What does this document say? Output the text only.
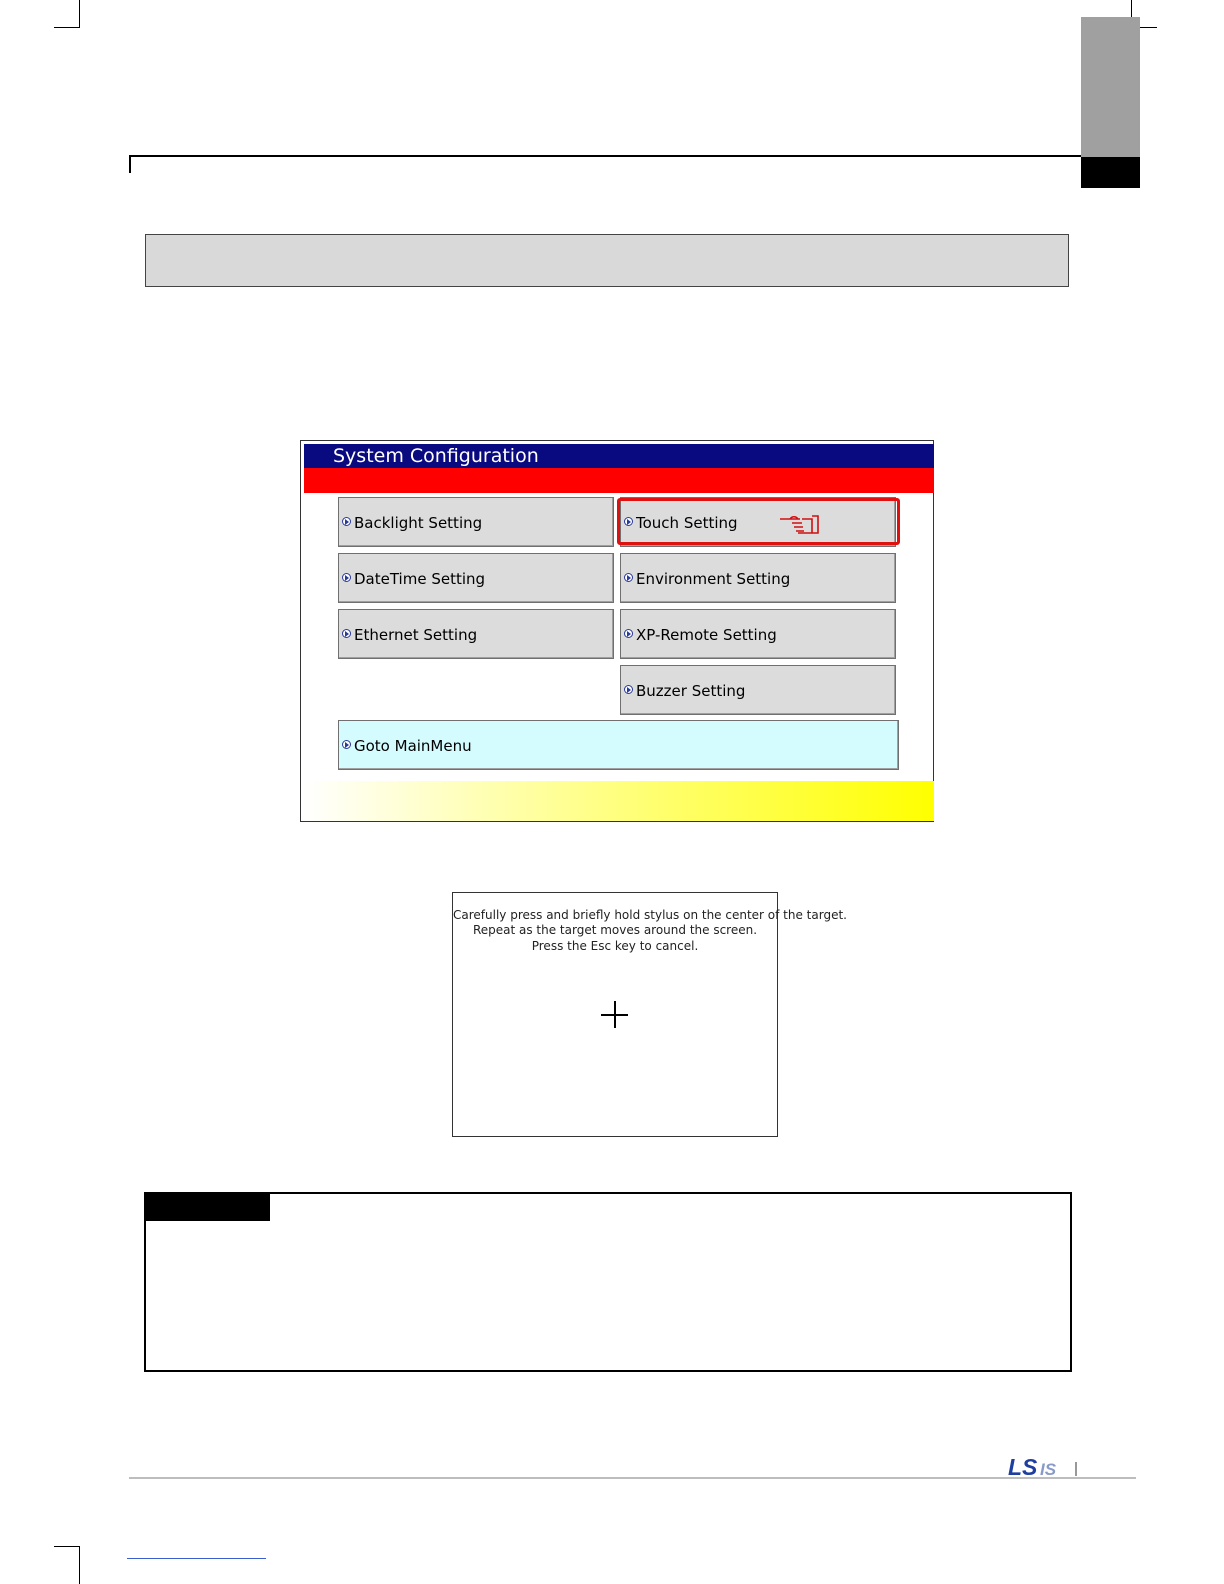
System Configuration
Backlight Setting	Touch Setting
DateTime Setting	Environment Setting
Ethernet Setting	XP-Remote Setting
Buzzer Setting
Goto MainMenu
Carefully press and briefly hold stylus on the center of the target.
Repeat as the target moves around the screen.
Press the Esc key to cancel.
LS IS
